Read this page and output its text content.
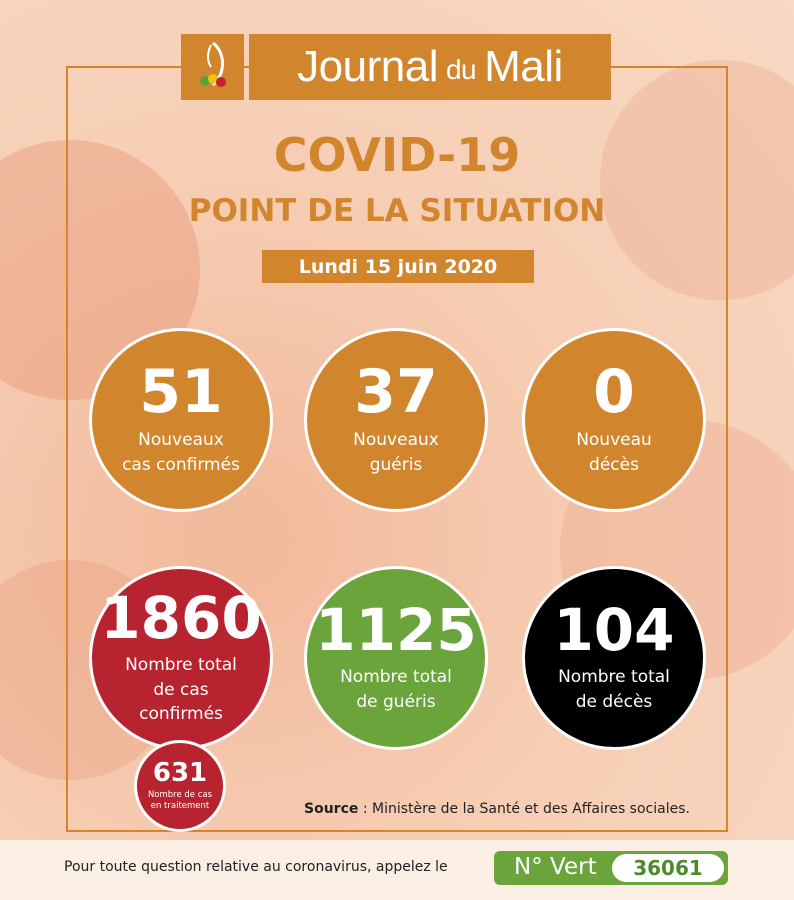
Journal du Mali
COVID-19
POINT DE LA SITUATION
Lundi 15 juin 2020
51
Nouveaux
cas confirmés
37
Nouveaux
guéris
0
Nouveau
décès
1860
Nombre total
de cas
confirmés
1125
Nombre total
de guéris
104
Nombre total
de décès
631
Nombre de cas
en traitement	Source : Ministère de la Santé et des Affaires sociales.
Pour toute question relative au coronavirus, appelez le	N° Vert	36061
